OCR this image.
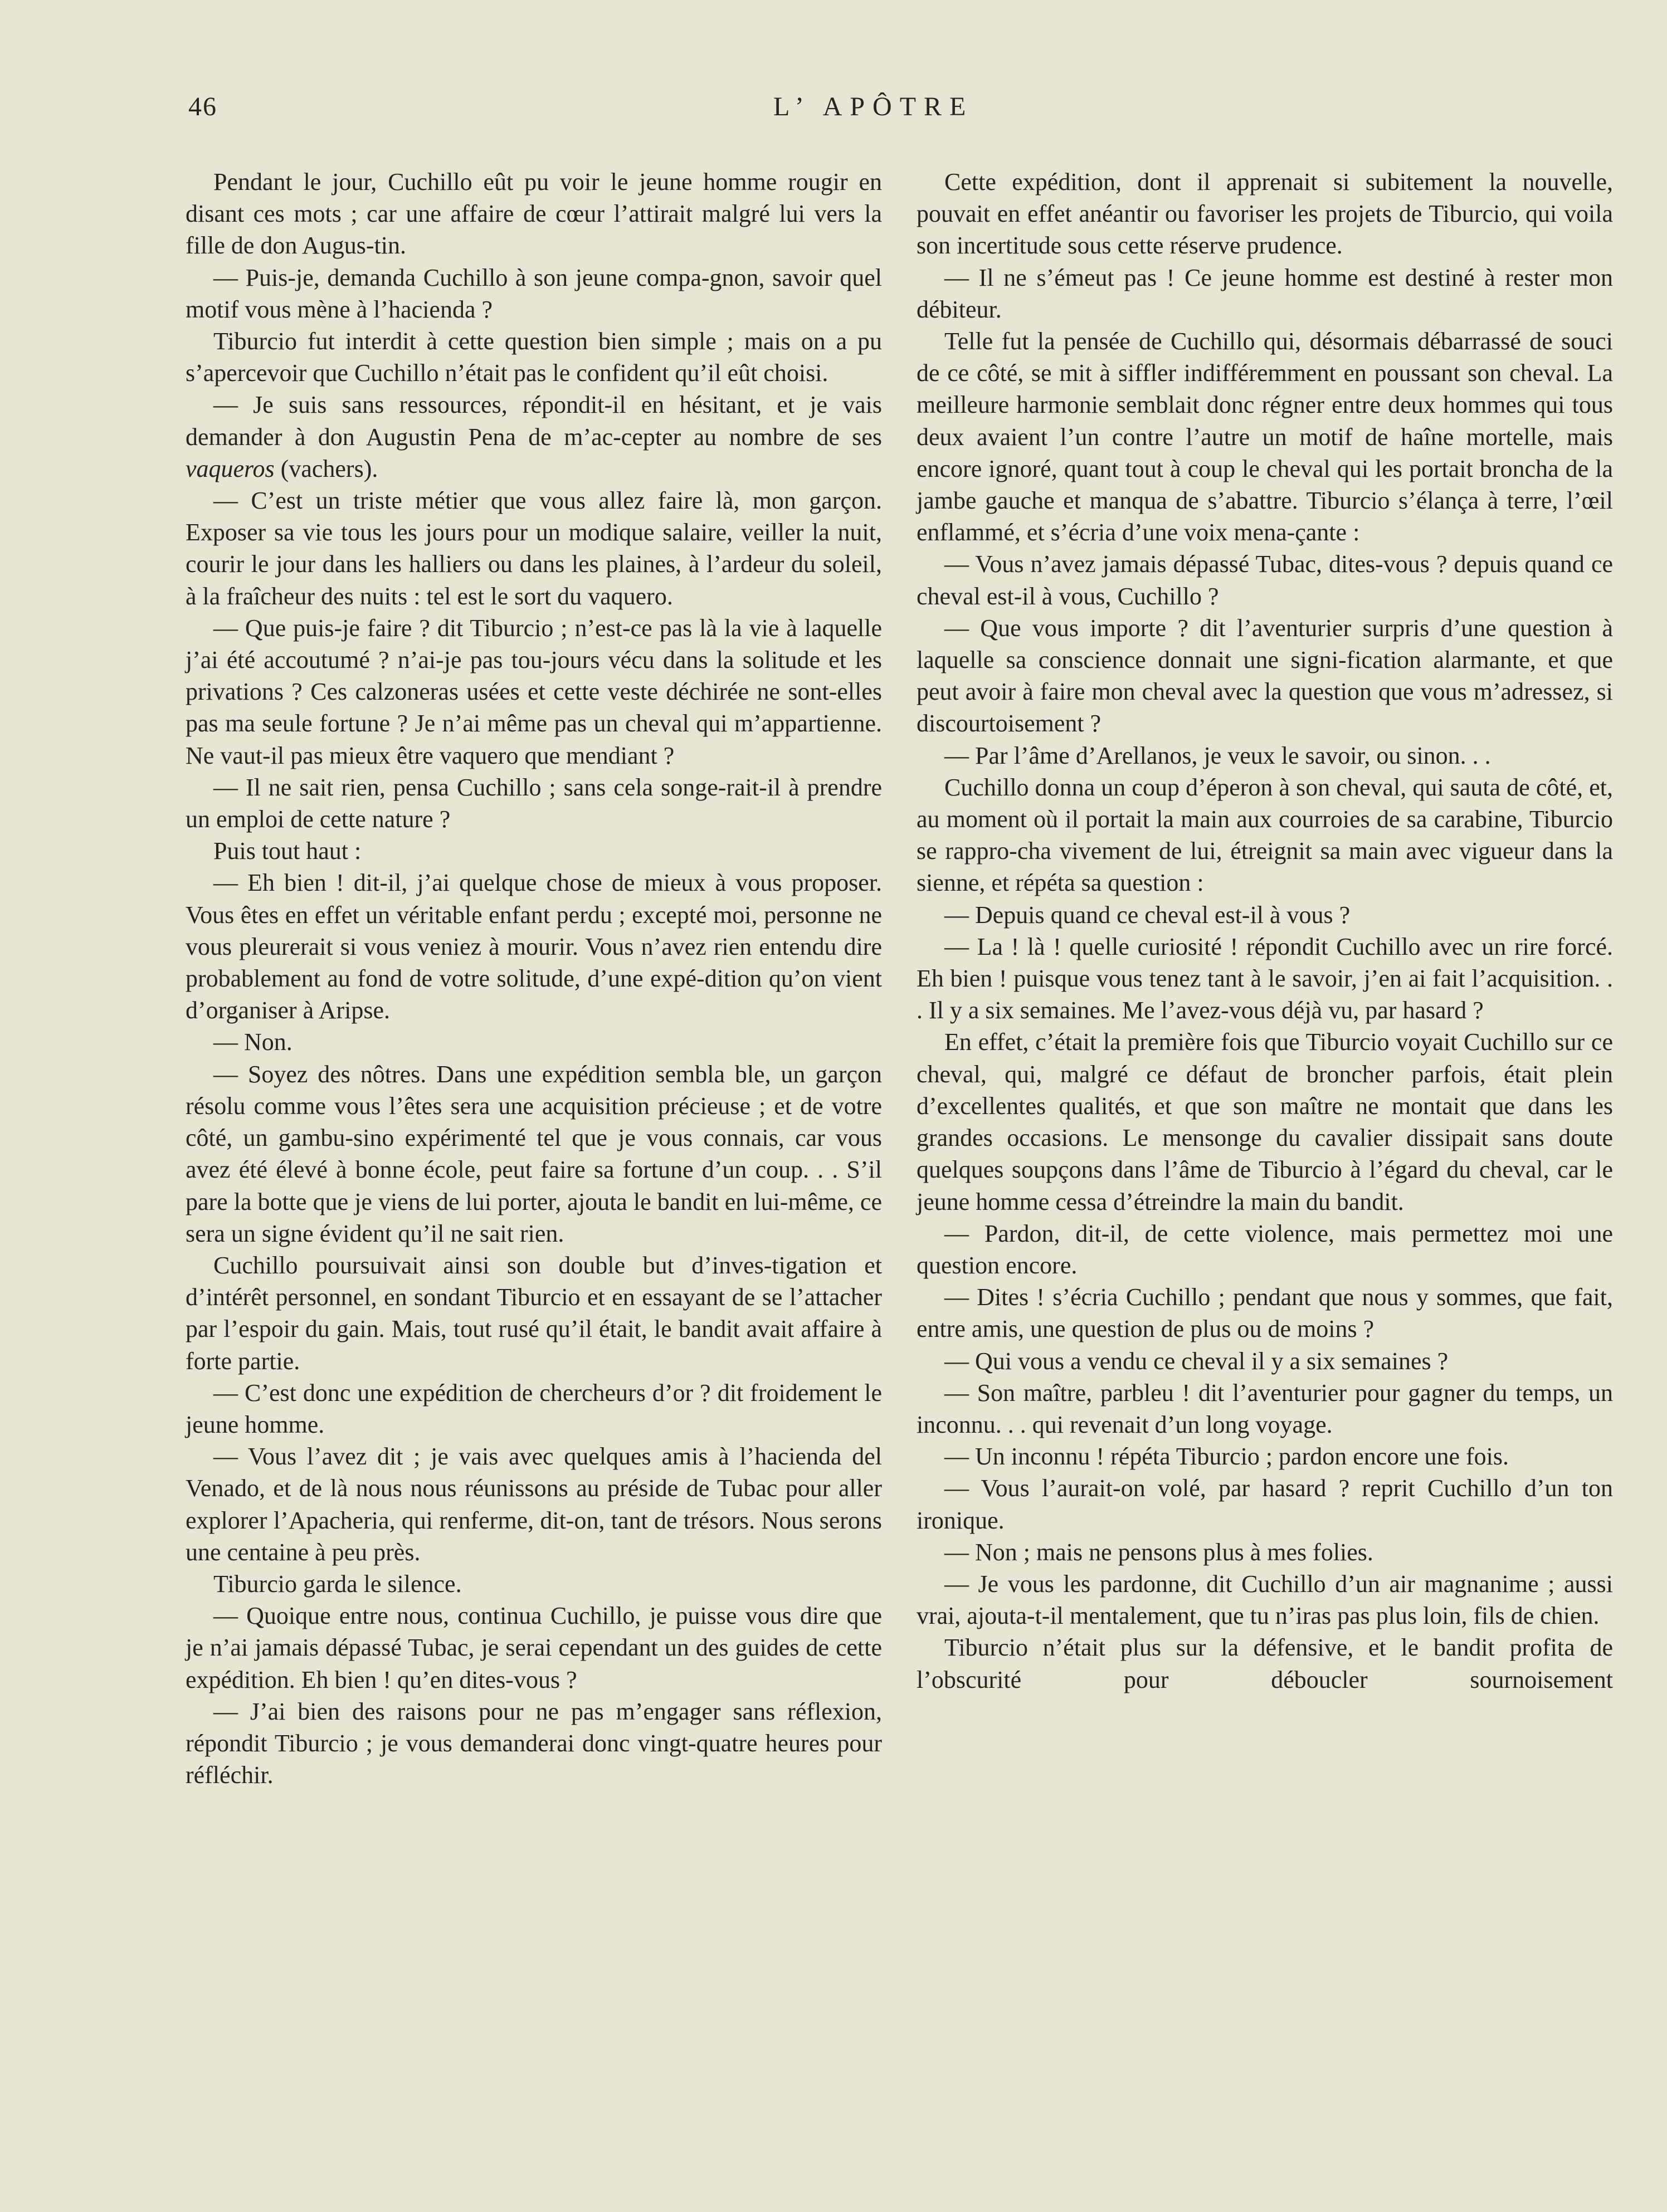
46	L’ APÔTRE

Pendant le jour, Cuchillo eût pu voir le jeune homme rougir en disant ces mots ; car une affaire de cœur l’attirait malgré lui vers la fille de don Augus-tin.

— Puis-je, demanda Cuchillo à son jeune compa-gnon, savoir quel motif vous mène à l’hacienda ?

Tiburcio fut interdit à cette question bien simple ; mais on a pu s’apercevoir que Cuchillo n’était pas le confident qu’il eût choisi.

— Je suis sans ressources, répondit-il en hésitant, et je vais demander à don Augustin Pena de m’ac-cepter au nombre de ses vaqueros (vachers).

— C’est un triste métier que vous allez faire là, mon garçon. Exposer sa vie tous les jours pour un modique salaire, veiller la nuit, courir le jour dans les halliers ou dans les plaines, à l’ardeur du soleil, à la fraîcheur des nuits : tel est le sort du vaquero.

— Que puis-je faire ? dit Tiburcio ; n’est-ce pas là la vie à laquelle j’ai été accoutumé ? n’ai-je pas tou-jours vécu dans la solitude et les privations ? Ces calzoneras usées et cette veste déchirée ne sont-elles pas ma seule fortune ? Je n’ai même pas un cheval qui m’appartienne. Ne vaut-il pas mieux être vaquero que mendiant ?

— Il ne sait rien, pensa Cuchillo ; sans cela songe-rait-il à prendre un emploi de cette nature ?

Puis tout haut :

— Eh bien ! dit-il, j’ai quelque chose de mieux à vous proposer. Vous êtes en effet un véritable enfant perdu ; excepté moi, personne ne vous pleurerait si vous veniez à mourir. Vous n’avez rien entendu dire probablement au fond de votre solitude, d’une expé-dition qu’on vient d’organiser à Aripse.

— Non.

— Soyez des nôtres. Dans une expédition sembla ble, un garçon résolu comme vous l’êtes sera une acquisition précieuse ; et de votre côté, un gambu-sino expérimenté tel que je vous connais, car vous avez été élevé à bonne école, peut faire sa fortune d’un coup. . . S’il pare la botte que je viens de lui porter, ajouta le bandit en lui-même, ce sera un signe évident qu’il ne sait rien.

Cuchillo poursuivait ainsi son double but d’inves-tigation et d’intérêt personnel, en sondant Tiburcio et en essayant de se l’attacher par l’espoir du gain. Mais, tout rusé qu’il était, le bandit avait affaire à forte partie.

— C’est donc une expédition de chercheurs d’or ? dit froidement le jeune homme.

— Vous l’avez dit ; je vais avec quelques amis à l’hacienda del Venado, et de là nous nous réunissons au préside de Tubac pour aller explorer l’Apacheria, qui renferme, dit-on, tant de trésors. Nous serons une centaine à peu près.

Tiburcio garda le silence.

— Quoique entre nous, continua Cuchillo, je puisse vous dire que je n’ai jamais dépassé Tubac, je serai cependant un des guides de cette expédition. Eh bien ! qu’en dites-vous ?

— J’ai bien des raisons pour ne pas m’engager sans réflexion, répondit Tiburcio ; je vous demanderai donc vingt-quatre heures pour réfléchir.

Cette expédition, dont il apprenait si subitement la nouvelle, pouvait en effet anéantir ou favoriser les projets de Tiburcio, qui voila son incertitude sous cette réserve prudence.

— Il ne s’émeut pas ! Ce jeune homme est destiné à rester mon débiteur.

Telle fut la pensée de Cuchillo qui, désormais débarrassé de souci de ce côté, se mit à siffler indifféremment en poussant son cheval. La meilleure harmonie semblait donc régner entre deux hommes qui tous deux avaient l’un contre l’autre un motif de haîne mortelle, mais encore ignoré, quant tout à coup le cheval qui les portait broncha de la jambe gauche et manqua de s’abattre. Tiburcio s’élança à terre, l’œil enflammé, et s’écria d’une voix mena-çante :

— Vous n’avez jamais dépassé Tubac, dites-vous ? depuis quand ce cheval est-il à vous, Cuchillo ?

— Que vous importe ? dit l’aventurier surpris d’une question à laquelle sa conscience donnait une signi-fication alarmante, et que peut avoir à faire mon cheval avec la question que vous m’adressez, si discourtoisement ?

— Par l’âme d’Arellanos, je veux le savoir, ou sinon. . .

Cuchillo donna un coup d’éperon à son cheval, qui sauta de côté, et, au moment où il portait la main aux courroies de sa carabine, Tiburcio se rappro-cha vivement de lui, étreignit sa main avec vigueur dans la sienne, et répéta sa question :

— Depuis quand ce cheval est-il à vous ?

— La ! là ! quelle curiosité ! répondit Cuchillo avec un rire forcé. Eh bien ! puisque vous tenez tant à le savoir, j’en ai fait l’acquisition. . . Il y a six semaines. Me l’avez-vous déjà vu, par hasard ?

En effet, c’était la première fois que Tiburcio voyait Cuchillo sur ce cheval, qui, malgré ce défaut de broncher parfois, était plein d’excellentes qualités, et que son maître ne montait que dans les grandes occasions. Le mensonge du cavalier dissipait sans doute quelques soupçons dans l’âme de Tiburcio à l’égard du cheval, car le jeune homme cessa d’étreindre la main du bandit.

— Pardon, dit-il, de cette violence, mais permettez moi une question encore.

— Dites ! s’écria Cuchillo ; pendant que nous y sommes, que fait, entre amis, une question de plus ou de moins ?

— Qui vous a vendu ce cheval il y a six semaines ?

— Son maître, parbleu ! dit l’aventurier pour gagner du temps, un inconnu. . . qui revenait d’un long voyage.

— Un inconnu ! répéta Tiburcio ; pardon encore une fois.

— Vous l’aurait-on volé, par hasard ? reprit Cuchillo d’un ton ironique.

— Non ; mais ne pensons plus à mes folies.

— Je vous les pardonne, dit Cuchillo d’un air magnanime ; aussi vrai, ajouta-t-il mentalement, que tu n’iras pas plus loin, fils de chien.

Tiburcio n’était plus sur la défensive, et le bandit profita de l’obscurité pour déboucler sournoisement
